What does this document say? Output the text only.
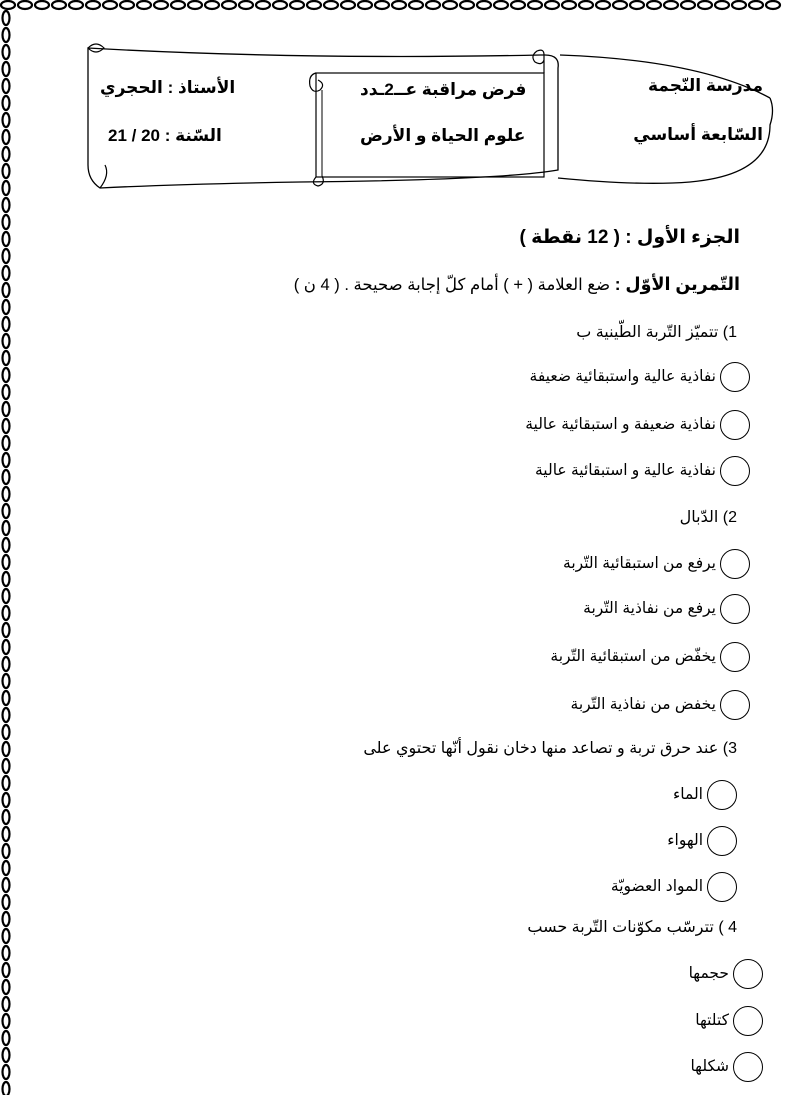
مدرسة النّجمة
السّابعة أساسي
فرض مراقبة عــ2ـدد
علوم الحياة و الأرض
الأستاذ : الحجري
السّنة : 20 / 21
الجزء الأول : ( 12 نقطة )
التّمرين الأوّل : ضع العلامة ( + ) أمام كلّ إجابة صحيحة . ( 4 ن )
1) تتميّز التّربة الطّينية ب
نفاذية عالية واستبقائية ضعيفة
نفاذية ضعيفة و استبقائية عالية
نفاذية عالية و استبقائية عالية
2) الدّبال
يرفع من استبقائية التّربة
يرفع من نفاذية التّربة
يخفّض من استبقائية التّربة
يخفض من نفاذية التّربة
3) عند حرق تربة و تصاعد منها دخان نقول أنّها تحتوي على
الماء
الهواء
المواد العضويّة
4 ) تترسّب مكوّنات التّربة حسب
حجمها
كتلتها
شكلها
